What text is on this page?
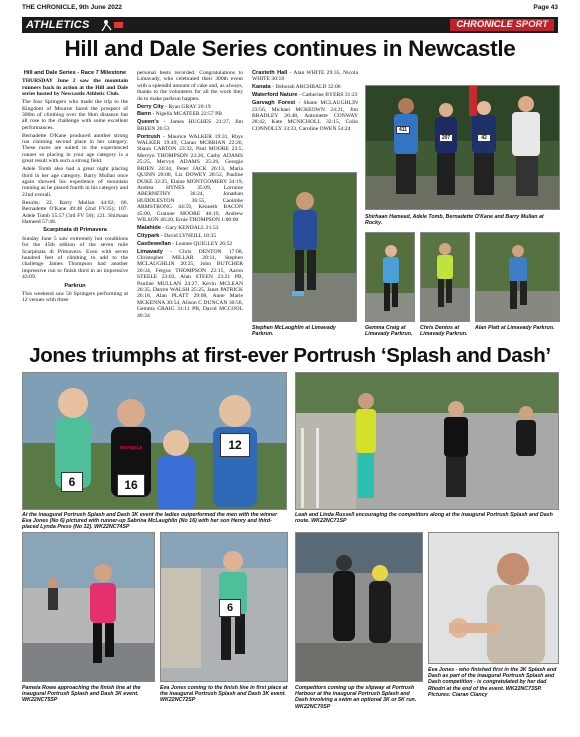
THE CHRONICLE, 9th June 2022	Page 43
ATHLETICS	CHRONICLE SPORT
Hill and Dale Series continues in Newcastle
Hill and Dale Series - Race 7 Milestone

THURSDAY June 2 saw the mountain runners back in action at the Hill and Dale series hosted by Newcastle Athletic Club.

The four Springers who made the trip to the Kingdom of Mourne faced the prospect of 300m of climbing over the 8km distance but all rose to the challenge with some excellent performances.

Bernadette O'Kane produced another strong run claiming second place in her category. These races are suited to the experienced runner so placing in your age category is a great result with such a strong field.

Adele Tomb also had a great night placing third in her age category. Barry Mullan once again showed his experience of mountain running as he placed fourth in his category and 22nd overall.

Results: 22. Barry Mullan 44:02; 66. Bernadette O'Kane 49:48 (2nd FV35); 107. Adele Tomb 55:57 (3rd FV 50); 121. Shirhaan Hameed 57:48.

Scarpinata di Primavera

Sunday June 5 saw extremely hot conditions for the 45th edition of the seven mile Scarpinata di Primavera. Even with seven hundred feet of climbing to add to the challenge James Thompson had another impressive run to finish third in an impressive 43:09.

Parkrun

This weekend saw 56 Springers performing at 12 venues with three

personal bests recorded. Congratulations to Limavady, who celebrated their 300th event with a splendid amount of cake and, as always, thanks to the volunteers for all the work they do to make parkrun happen.

Derry City - Ryan GRAY 20:19

Bann - Nigella MCATEER 22:57 PB

Queen's - James HUGHES 21:27, Jim BREEN 26:53

Portrush - Maurice WALKER 19:31, Rhys WALKER 19:49, Ciaran MCBRIAN 22:26, Shaun CARTON 23:32, Paul MOORE 23:5, Mervyn THOMPSON 23:26, Cathy ADAMS 25:25, Mervyn ADAMS 25:26, Georgie BRIEN 24:34, Peter JACK 26:13, Maria QUINN 28:08, Liz DOWEY 28:52, Pauline DUKE 32:25, Elaine MONTGOMERY 34:19, Andrea HYNES 35:09, Lorraine ABERNETHY 36:24, Jonathan HUDDLESTON 36:55, Caoimhe ARMSTRONG 44:59, Kenneth BACON 45:00, Grainne MOORE 46:19, Andrew WILSON 46:20, Ernie THOMPSON 1:00:00

Malahide - Gary KENDALL 21:53

Citypark - David LYNEILL 18:35

Castlewellan - Leanne QUIGLEY 26:52

Limavady - Chris DENTON 17:08, Christopher MILLAR 20:11, Stephen MCLAUGHLIN 20:25, John BUTCHER 20:34, Fergus THOMPSON 22:15, Aaron STEELE 23:03, Alan STEEN 23:21 PB, Pauline MULLAN 24:27, Kevin MCLEAN 26:35, Darren WALSH 25:25, Janet PATRICK 26:18, Alan PLATT 29:08, Anne Marie MCKENNA 30:54, Alison C DUNCAN 30:56, Gemma CRAIG 31:11 PB, David MCCOOL 40:34

Craxteth Hall - Alan WHITE 29:35, Nicola WHITE 30:18

Kanata - Deborah ARCHBALD 32:06

Waterford Nature - Catherine BYERS 31:23

Garvagh Forest - Shane MCLAUGHLIN 23:56, Michael MCKEOWN 24:21, Jim BRADLEY 26:48, Antoinette CONWAY 28:42, Kate MCNICHOLL 32:15, Colin CONNOLLY 33:33, Caroline OWEN 54:24	411
207	42
Shirhaan Hameed, Adele Tomb, Bernadette O'Kane and Barry Mullan at Rocky.
Stephen McLaughlin at Limavady Parkrun.
Gemma Craig at Limavady Parkrun.
Chris Dentos at Limavady Parkrun.
Alan Platt at Limavady Parkrun.
Jones triumphs at first-ever Portrush ‘Splash and Dash’
6	16
12
TRIANGLE
At the inaugural Portrush Splash and Dash 3K event the ladies outperformed the men with the winner Eva Jones (No 6) pictured with runner-up Sabrina McLaughlin (No 16) with her son Henry and third-placed Lynda Press (No 12). WK22NC74SP
Leah and Linda Russell encouraging the competitors along at the inaugural Portrush Splash and Dash route. WK22NC71SP
Pamela Rowe approaching the finish line at the inaugural Portrush Splash and Dash 3K event. WK22NC75SP
6
Eva Jones coming to the finish line in first place at the inaugural Portrush Splash and Dash 3K event. WK22NC72SP
Competitors coming up the slipway at Portrush Harbour at the inaugural Portrush Splash and Dash involving a swim an optional 3K or 5K run. WK22NC70SP
Eva Jones - who finished first in the 3K Splash and Dash as part of the inaugural Portrush Splash and Dash competition - is congratulated by her dad Rhodri at the end of the event. WK22NC73SP. Pictures: Ciaran Clancy
